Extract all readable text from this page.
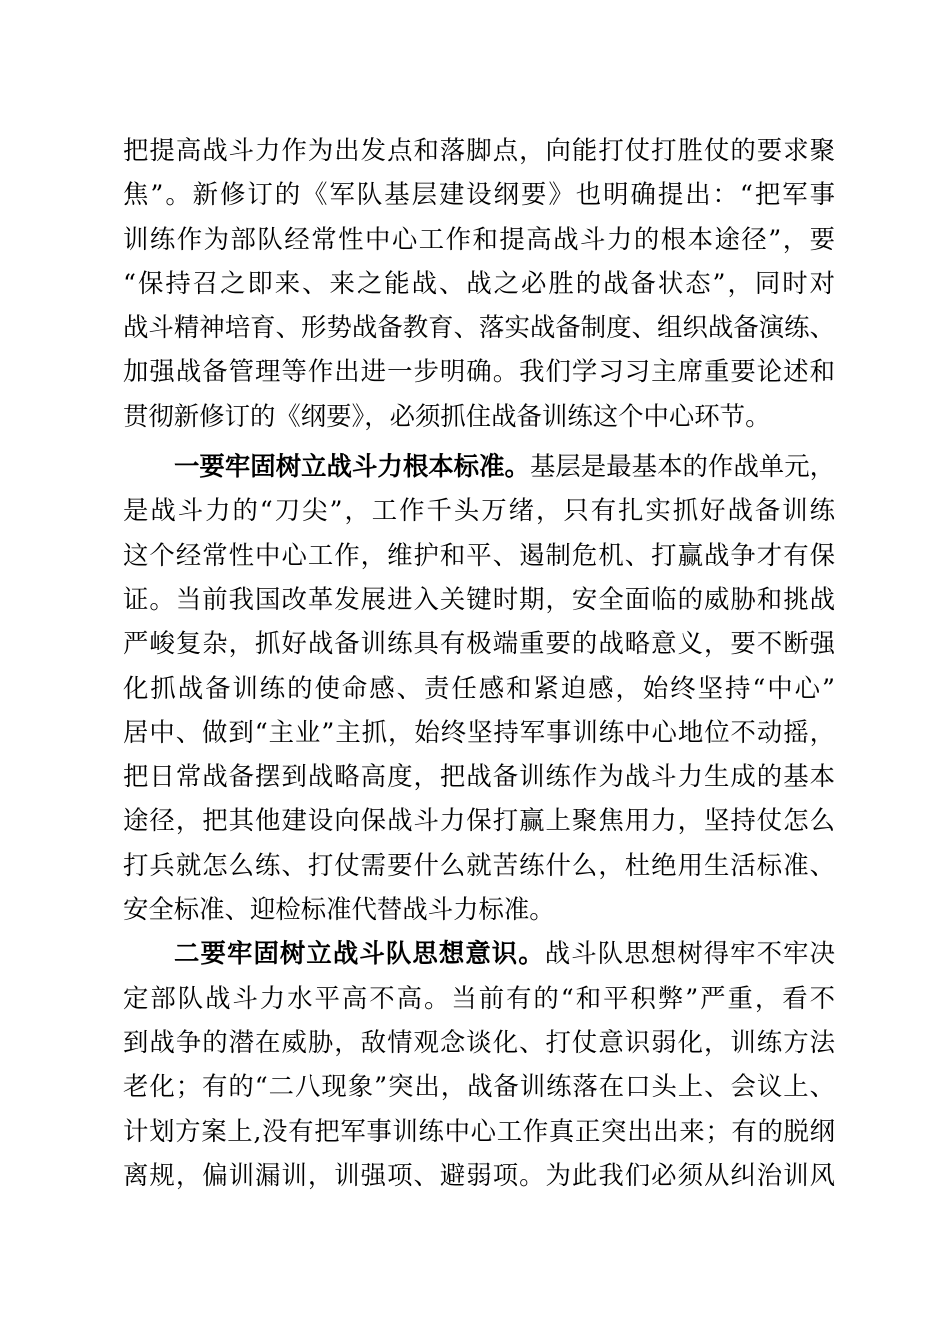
把提高战斗力作为出发点和落脚点，向能打仗打胜仗的要求聚
焦”。新修订的《军队基层建设纲要》也明确提出：“把军事
训练作为部队经常性中心工作和提高战斗力的根本途径”，要
“保持召之即来、来之能战、战之必胜的战备状态”，同时对
战斗精神培育、形势战备教育、落实战备制度、组织战备演练、
加强战备管理等作出进一步明确。我们学习习主席重要论述和
贯彻新修订的《纲要》，必须抓住战备训练这个中心环节。
一要牢固树立战斗力根本标准。基层是最基本的作战单元，
是战斗力的“刀尖”，工作千头万绪，只有扎实抓好战备训练
这个经常性中心工作，维护和平、遏制危机、打赢战争才有保
证。当前我国改革发展进入关键时期，安全面临的威胁和挑战
严峻复杂，抓好战备训练具有极端重要的战略意义，要不断强
化抓战备训练的使命感、责任感和紧迫感，始终坚持“中心”
居中、做到“主业”主抓，始终坚持军事训练中心地位不动摇，
把日常战备摆到战略高度，把战备训练作为战斗力生成的基本
途径，把其他建设向保战斗力保打赢上聚焦用力，坚持仗怎么
打兵就怎么练、打仗需要什么就苦练什么，杜绝用生活标准、
安全标准、迎检标准代替战斗力标准。
二要牢固树立战斗队思想意识。战斗队思想树得牢不牢决
定部队战斗力水平高不高。当前有的“和平积弊”严重，看不
到战争的潜在威胁，敌情观念谈化、打仗意识弱化，训练方法
老化；有的“二八现象”突出，战备训练落在口头上、会议上、
计划方案上,没有把军事训练中心工作真正突出出来；有的脱纲
离规，偏训漏训，训强项、避弱项。为此我们必须从纠治训风
